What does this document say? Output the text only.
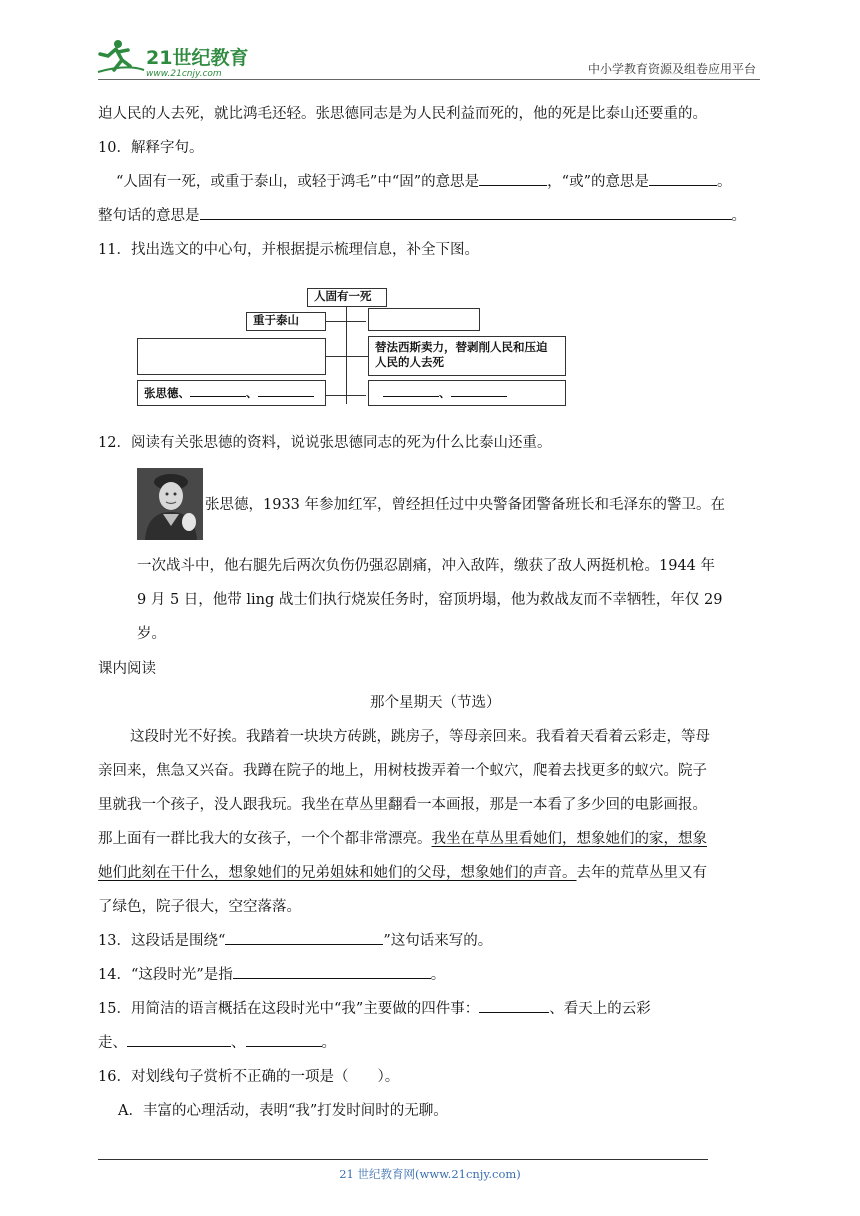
21世纪教育
www.21cnjy.com	中小学教育资源及组卷应用平台
迫人民的人去死，就比鸿毛还轻。张思德同志是为人民利益而死的，他的死是比泰山还要重的。
10．解释字句。
“人固有一死，或重于泰山，或轻于鸿毛”中“固”的意思是	，“或”的意思是	。
整句话的意思是	。
11．找出选文的中心句，并根据提示梳理信息，补全下图。
人固有一死
重于泰山
替法西斯卖力，替剥削人民和压迫
人民的人去死
张思德、	、	、
12．阅读有关张思德的资料，说说张思德同志的死为什么比泰山还重。
张思德，1933 年参加红军，曾经担任过中央警备团警备班长和毛泽东的警卫。在
一次战斗中，他右腿先后两次负伤仍强忍剧痛，冲入敌阵，缴获了敌人两挺机枪。1944 年
9 月 5 日，他带 ling 战士们执行烧炭任务时，窑顶坍塌，他为救战友而不幸牺牲，年仅 29
岁。
课内阅读
那个星期天（节选）
这段时光不好挨。我踏着一块块方砖跳，跳房子，等母亲回来。我看着天看着云彩走，等母
亲回来，焦急又兴奋。我蹲在院子的地上，用树枝拨弄着一个蚁穴，爬着去找更多的蚁穴。院子
里就我一个孩子，没人跟我玩。我坐在草丛里翻看一本画报，那是一本看了多少回的电影画报。
那上面有一群比我大的女孩子，一个个都非常漂亮。我坐在草丛里看她们，想象她们的家，想象
她们此刻在干什么，想象她们的兄弟姐妹和她们的父母，想象她们的声音。去年的荒草丛里又有
了绿色，院子很大，空空落落。
13．这段话是围绕“	”这句话来写的。
14．“这段时光”是指	。
15．用简洁的语言概括在这段时光中“我”主要做的四件事：	、看天上的云彩
走、	、	。
16．对划线句子赏析不正确的一项是（　　）。
A．丰富的心理活动，表明“我”打发时间时的无聊。
21 世纪教育网(www.21cnjy.com)
